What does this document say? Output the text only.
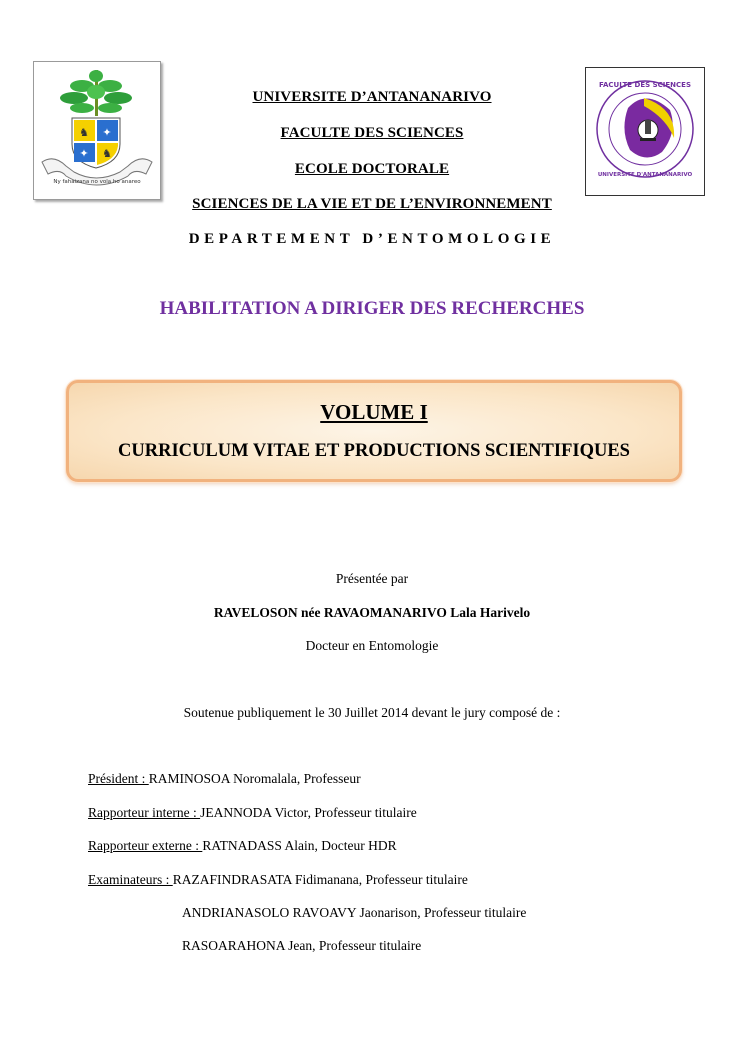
♞ ✦
✦ ♞
Ny fahaizana no vola ho anareo
UNIVERSITE D’ANTANANARIVO
FACULTE DES SCIENCES
ECOLE DOCTORALE
SCIENCES DE LA VIE ET DE L’ENVIRONNEMENT
DEPARTEMENT D’ENTOMOLOGIE
FACULTE DES SCIENCES
UNIVERSITE D'ANTANANARIVO
HABILITATION A DIRIGER DES RECHERCHES
VOLUME I
CURRICULUM VITAE ET PRODUCTIONS SCIENTIFIQUES
Présentée par
RAVELOSON née RAVAOMANARIVO Lala Harivelo
Docteur en Entomologie
Soutenue publiquement le 30 Juillet 2014 devant le jury composé de :
Président : RAMINOSOA Noromalala, Professeur
Rapporteur interne : JEANNODA Victor, Professeur titulaire
Rapporteur externe : RATNADASS Alain, Docteur HDR
Examinateurs : RAZAFINDRASATA Fidimanana, Professeur titulaire
ANDRIANASOLO RAVOAVY Jaonarison, Professeur titulaire
RASOARAHONA Jean, Professeur titulaire
